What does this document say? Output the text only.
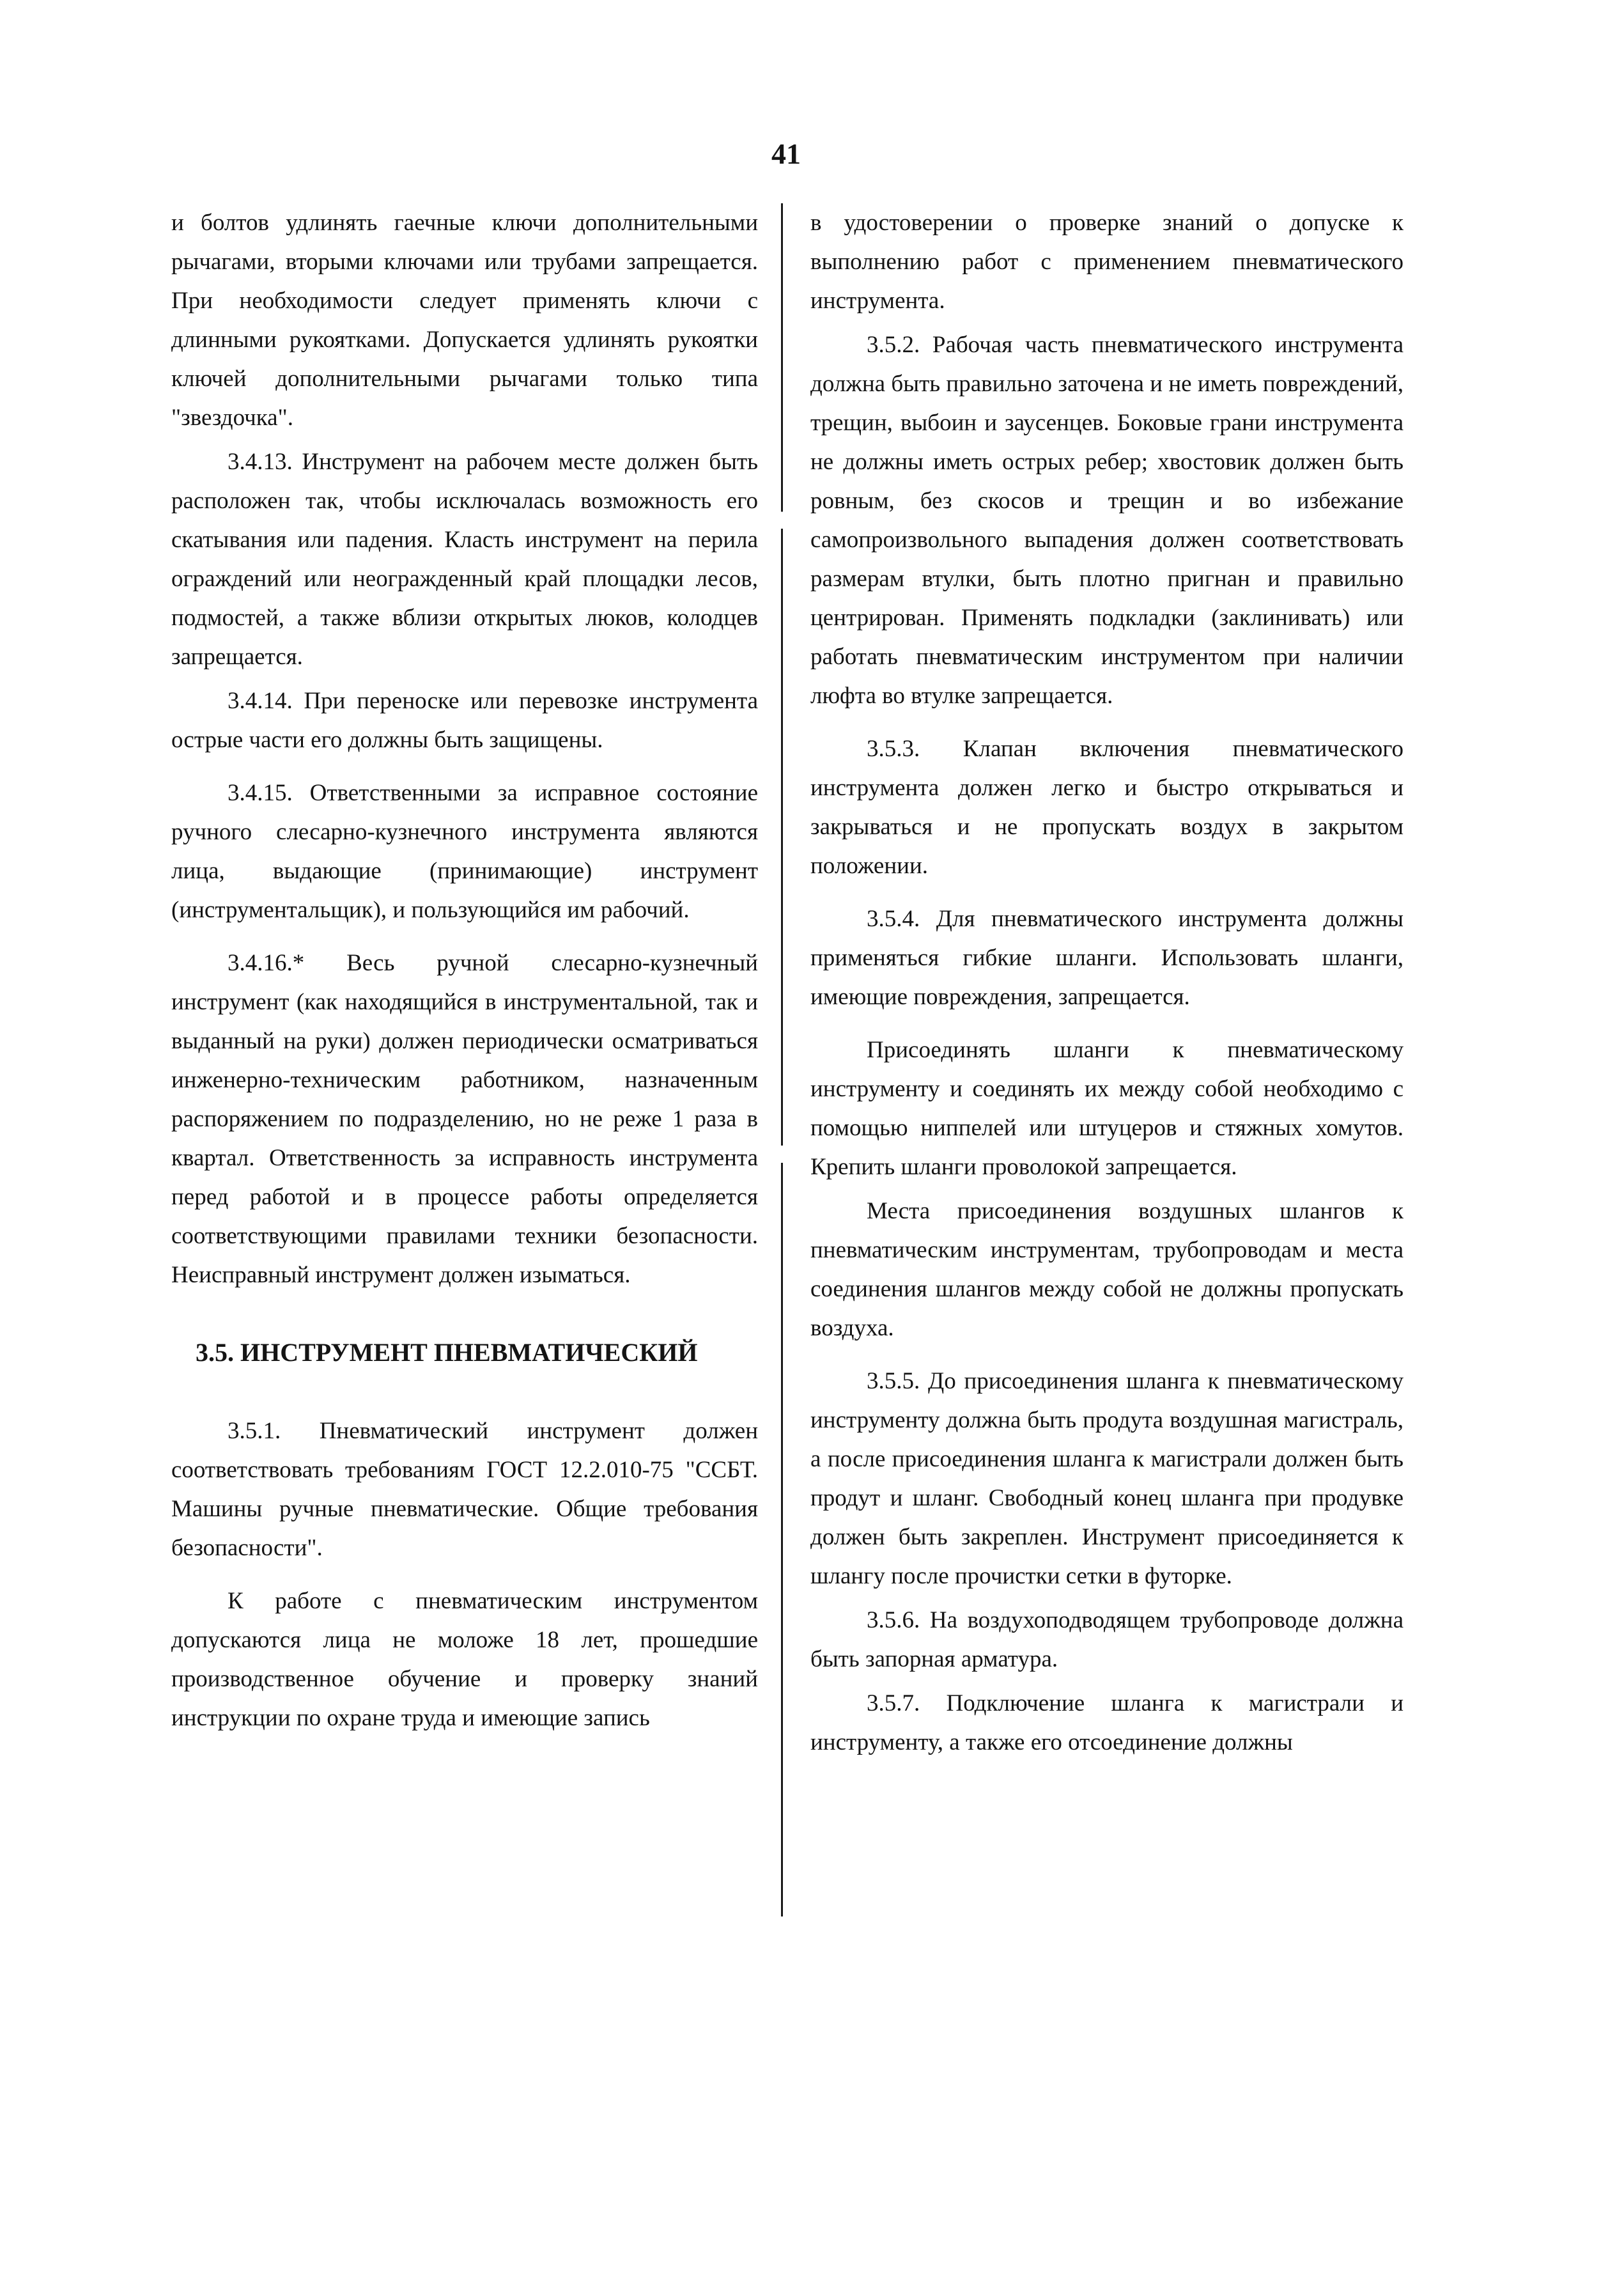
41

и болтов удлинять гаечные ключи дополнительными рычагами, вторыми ключами или трубами запрещается. При необходимости следует применять ключи с длинными рукоятками. Допускается удлинять рукоятки ключей дополнительными рычагами только типа "звездочка".

3.4.13. Инструмент на рабочем месте должен быть расположен так, чтобы исключалась возможность его скатывания или падения. Класть инструмент на перила ограждений или неогражденный край площадки лесов, подмостей, а также вблизи открытых люков, колодцев запрещается.

3.4.14. При переноске или перевозке инструмента острые части его должны быть защищены.

3.4.15. Ответственными за исправное состояние ручного слесарно-кузнечного инструмента являются лица, выдающие (принимающие) инструмент (инструментальщик), и пользующийся им рабочий.

3.4.16.* Весь ручной слесарно-кузнечный инструмент (как находящийся в инструментальной, так и выданный на руки) должен периодически осматриваться инженерно-техническим работником, назначенным распоряжением по подразделению, но не реже 1 раза в квартал. Ответственность за исправность инструмента перед работой и в процессе работы определяется соответствующими правилами техники безопасности. Неисправный инструмент должен изыматься.

3.5. ИНСТРУМЕНТ ПНЕВМАТИЧЕСКИЙ

3.5.1. Пневматический инструмент должен соответствовать требованиям ГОСТ 12.2.010-75 "ССБТ. Машины ручные пневматические. Общие требования безопасности".

К работе с пневматическим инструментом допускаются лица не моложе 18 лет, прошедшие производственное обучение и проверку знаний инструкции по охране труда и имеющие запись

в удостоверении о проверке знаний о допуске к выполнению работ с применением пневматического инструмента.

3.5.2. Рабочая часть пневматического инструмента должна быть правильно заточена и не иметь повреждений, трещин, выбоин и заусенцев. Боковые грани инструмента не должны иметь острых ребер; хвостовик должен быть ровным, без скосов и трещин и во избежание самопроизвольного выпадения должен соответствовать размерам втулки, быть плотно пригнан и правильно центрирован. Применять подкладки (заклинивать) или работать пневматическим инструментом при наличии люфта во втулке запрещается.

3.5.3. Клапан включения пневматического инструмента должен легко и быстро открываться и закрываться и не пропускать воздух в закрытом положении.

3.5.4. Для пневматического инструмента должны применяться гибкие шланги. Использовать шланги, имеющие повреждения, запрещается.

Присоединять шланги к пневматическому инструменту и соединять их между собой необходимо с помощью ниппелей или штуцеров и стяжных хомутов. Крепить шланги проволокой запрещается.

Места присоединения воздушных шлангов к пневматическим инструментам, трубопроводам и места соединения шлангов между собой не должны пропускать воздуха.

3.5.5. До присоединения шланга к пневматическому инструменту должна быть продута воздушная магистраль, а после присоединения шланга к магистрали должен быть продут и шланг. Свободный конец шланга при продувке должен быть закреплен. Инструмент присоединяется к шлангу после прочистки сетки в футорке.

3.5.6. На воздухоподводящем трубопроводе должна быть запорная арматура.

3.5.7. Подключение шланга к магистрали и инструменту, а также его отсоединение должны
